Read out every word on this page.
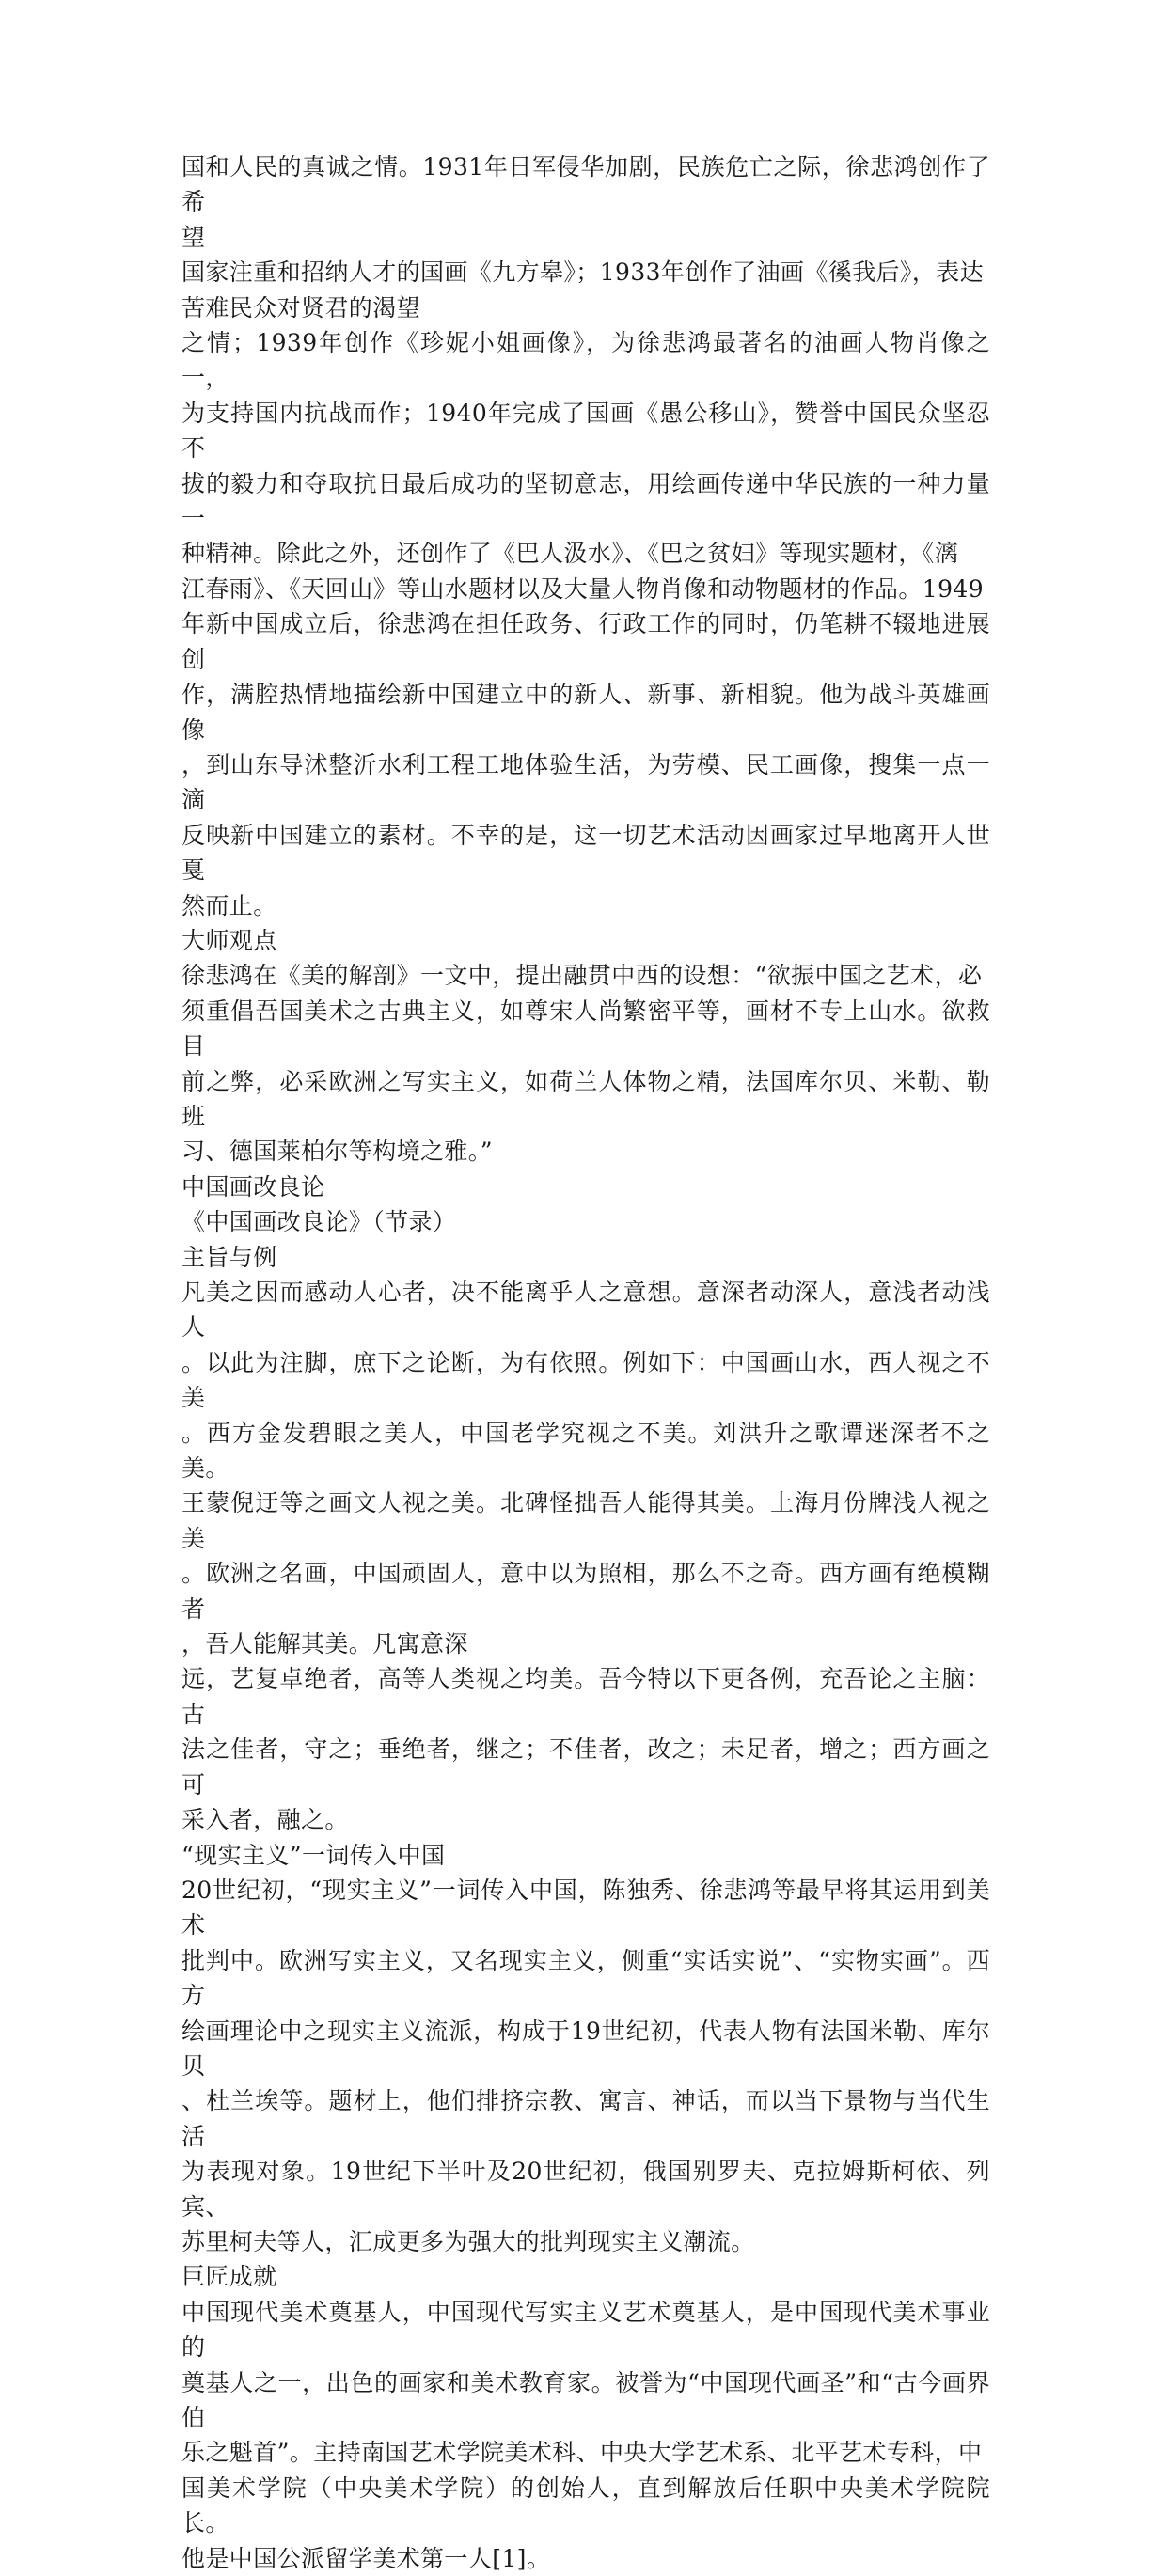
国和人民的真诚之情。1931年日军侵华加剧，民族危亡之际，徐悲鸿创作了希
望

国家注重和招纳人才的国画《九方皋》；1933年创作了油画《徯我后》，表达
苦难民众对贤君的渴望

之情；1939年创作《珍妮小姐画像》，为徐悲鸿最著名的油画人物肖像之一，
为支持国内抗战而作；1940年完成了国画《愚公移山》，赞誉中国民众坚忍不
拔的毅力和夺取抗日最后成功的坚韧意志，用绘画传递中华民族的一种力量一
种精神。除此之外，还创作了《巴人汲水》、《巴之贫妇》等现实题材，《漓
江春雨》、《天回山》等山水题材以及大量人物肖像和动物题材的作品。1949
年新中国成立后，徐悲鸿在担任政务、行政工作的同时，仍笔耕不辍地进展创
作，满腔热情地描绘新中国建立中的新人、新事、新相貌。他为战斗英雄画像
，到山东导沭整沂水利工程工地体验生活，为劳模、民工画像，搜集一点一滴
反映新中国建立的素材。不幸的是，这一切艺术活动因画家过早地离开人世戛
然而止。

大师观点

徐悲鸿在《美的解剖》一文中，提出融贯中西的设想：“欲振中国之艺术，必
须重倡吾国美术之古典主义，如尊宋人尚繁密平等，画材不专上山水。欲救目
前之弊，必采欧洲之写实主义，如荷兰人体物之精，法国库尔贝、米勒、勒班
习、德国莱柏尔等构境之雅。”

中国画改良论

《中国画改良论》（节录）

主旨与例

凡美之因而感动人心者，决不能离乎人之意想。意深者动深人，意浅者动浅人
。以此为注脚，庶下之论断，为有依照。例如下：中国画山水，西人视之不美
。西方金发碧眼之美人，中国老学究视之不美。刘洪升之歌谭迷深者不之美。
王蒙倪迂等之画文人视之美。北碑怪拙吾人能得其美。上海月份牌浅人视之美
。欧洲之名画，中国顽固人，意中以为照相，那么不之奇。西方画有绝模糊者
，吾人能解其美。凡寓意深

远，艺复卓绝者，高等人类视之均美。吾今特以下更各例，充吾论之主脑：古
法之佳者，守之；垂绝者，继之；不佳者，改之；未足者，增之；西方画之可
采入者，融之。

“现实主义”一词传入中国

20世纪初，“现实主义”一词传入中国，陈独秀、徐悲鸿等最早将其运用到美术
批判中。欧洲写实主义，又名现实主义，侧重“实话实说”、“实物实画”。西方
绘画理论中之现实主义流派，构成于19世纪初，代表人物有法国米勒、库尔贝
、杜兰埃等。题材上，他们排挤宗教、寓言、神话，而以当下景物与当代生活
为表现对象。19世纪下半叶及20世纪初，俄国别罗夫、克拉姆斯柯依、列宾、
苏里柯夫等人，汇成更多为强大的批判现实主义潮流。

巨匠成就

中国现代美术奠基人，中国现代写实主义艺术奠基人，是中国现代美术事业的
奠基人之一，出色的画家和美术教育家。被誉为“中国现代画圣”和“古今画界伯
乐之魁首”。主持南国艺术学院美术科、中央大学艺术系、北平艺术专科，中
国美术学院（中央美术学院）的创始人，直到解放后任职中央美术学院院长。
他是中国公派留学美术第一人[1]。
